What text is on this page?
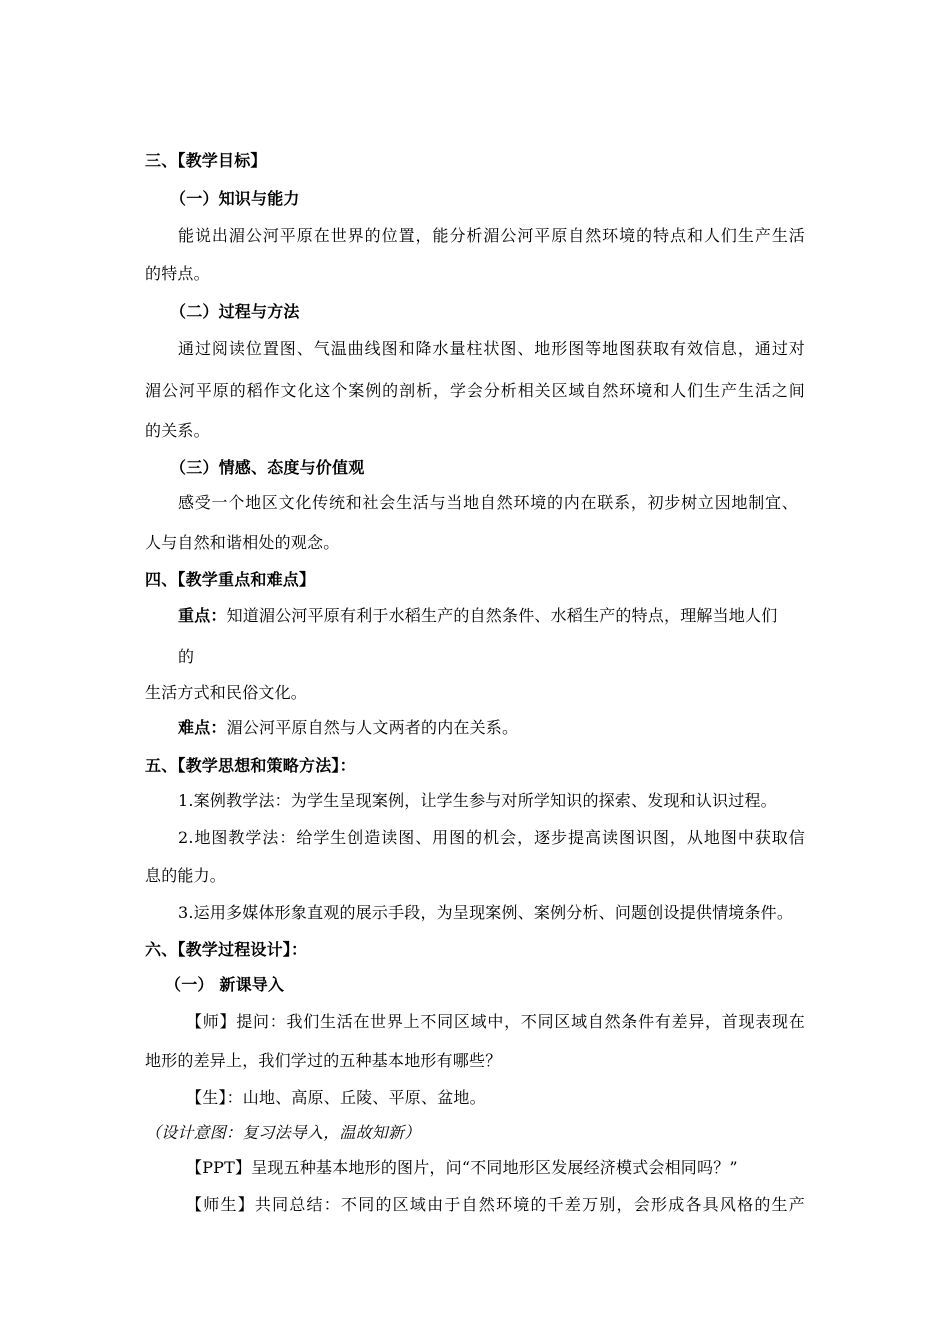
三、【教学目标】
（一）知识与能力
能说出湄公河平原在世界的位置，能分析湄公河平原自然环境的特点和人们生产生活
的特点。
（二）过程与方法
通过阅读位置图、气温曲线图和降水量柱状图、地形图等地图获取有效信息，通过对
湄公河平原的稻作文化这个案例的剖析，学会分析相关区域自然环境和人们生产生活之间
的关系。
（三）情感、态度与价值观
感受一个地区文化传统和社会生活与当地自然环境的内在联系，初步树立因地制宜、
人与自然和谐相处的观念。
四、【教学重点和难点】
重点：知道湄公河平原有利于水稻生产的自然条件、水稻生产的特点，理解当地人们
的
生活方式和民俗文化。
难点：湄公河平原自然与人文两者的内在关系。
五、【教学思想和策略方法】：
1.案例教学法：为学生呈现案例，让学生参与对所学知识的探索、发现和认识过程。
2.地图教学法：给学生创造读图、用图的机会，逐步提高读图识图，从地图中获取信
息的能力。
3.运用多媒体形象直观的展示手段，为呈现案例、案例分析、问题创设提供情境条件。
六、【教学过程设计】：
（一） 新课导入
【师】提问：我们生活在世界上不同区域中，不同区域自然条件有差异，首现表现在
地形的差异上，我们学过的五种基本地形有哪些？
【生】：山地、高原、丘陵、平原、盆地。
（设计意图：复习法导入，温故知新）
【PPT】呈现五种基本地形的图片，问“不同地形区发展经济模式会相同吗？”
【师生】共同总结：不同的区域由于自然环境的千差万别，会形成各具风格的生产
